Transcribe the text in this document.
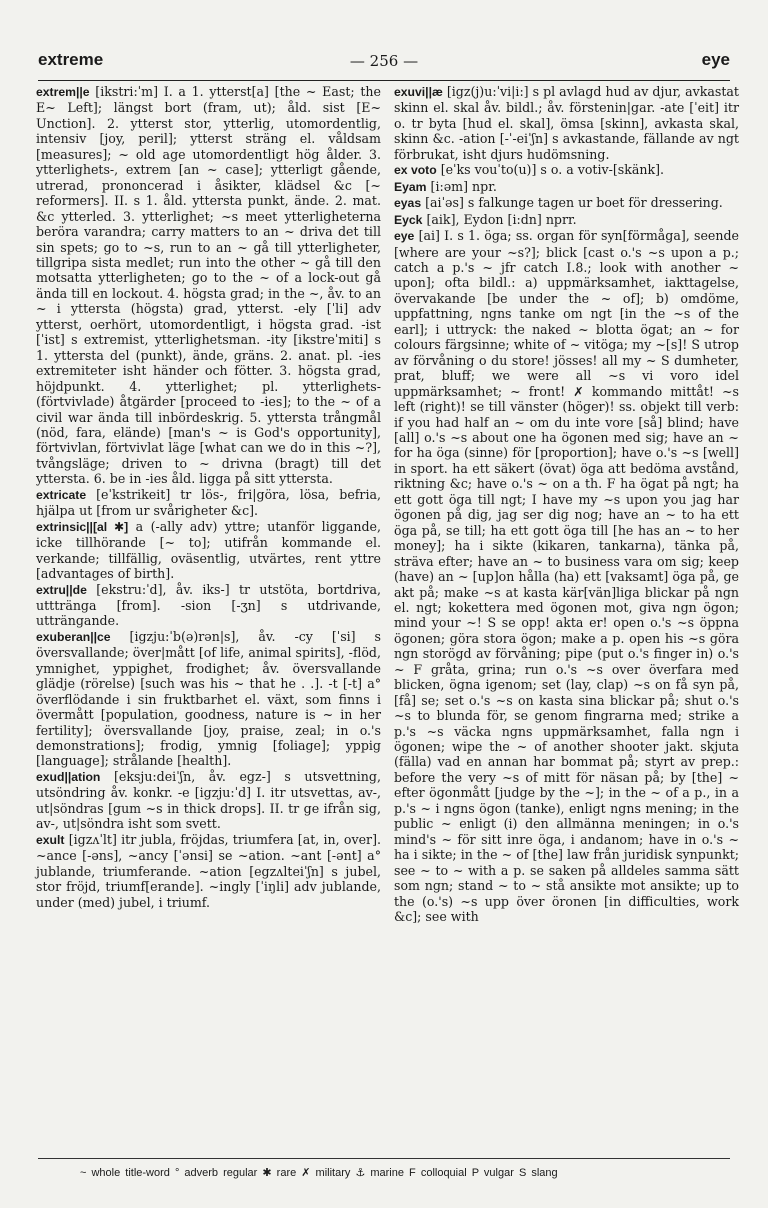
extreme	— 256 —	eye
extrem||e [ikstri:ˈm] I. a 1. ytterst[a] [the ~ East; the E~ Left]; längst bort (fram, ut); åld. sist [E~ Unction]. 2. ytterst stor, ytterlig, utomordentlig, intensiv [joy, peril]; ytterst sträng el. våldsam [measures]; ~ old age utomordentligt hög ålder. 3. ytterlighets-, extrem [an ~ case]; ytterligt gående, utrerad, prononcerad i åsikter, klädsel &c [~ reformers]. II. s 1. åld. yttersta punkt, ände. 2. mat. &c ytterled. 3. ytterlighet; ~s meet ytterligheterna beröra varandra; carry matters to an ~ driva det till sin spets; go to ~s, run to an ~ gå till ytterligheter, tillgripa sista medlet; run into the other ~ gå till den motsatta ytterligheten; go to the ~ of a lock-out gå ända till en lockout. 4. högsta grad; in the ~, åv. to an ~ i yttersta (högsta) grad, ytterst. -ely [ˈli] adv ytterst, oerhört, utomordentligt, i högsta grad. -ist [ˈist] s extremist, ytterlighetsman. -ity [ikstreˈmiti] s 1. yttersta del (punkt), ände, gräns. 2. anat. pl. -ies extremiteter isht händer och fötter. 3. högsta grad, höjdpunkt. 4. ytterlighet; pl. ytterlighets- (förtvivlade) åtgärder [proceed to -ies]; to the ~ of a civil war ända till inbördeskrig. 5. yttersta trångmål (nöd, fara, elände) [man's ~ is God's opportunity], förtvivlan, förtvivlat läge [what can we do in this ~?], tvångsläge; driven to ~ drivna (bragt) till det yttersta. 6. be in -ies åld. ligga på sitt yttersta.
extricate [eˈkstrikeit] tr lös-, fri|göra, lösa, befria, hjälpa ut [from ur svårigheter &c].
extrinsic||[al ✱] a (-ally adv) yttre; utanför liggande, icke tillhörande [~ to]; utifrån kommande el. verkande; tillfällig, oväsentlig, utvärtes, rent yttre [advantages of birth].
extru||de [ekstru:ˈd], åv. iks-] tr utstöta, bortdriva, utttränga [from]. -sion [-ʒn] s utdrivande, utträngande.
exuberan||ce [igzju:ˈb(ə)rən|s], åv. -cy [ˈsi] s översvallande; över|mått [of life, animal spirits], -flöd, ymnighet, yppighet, frodighet; åv. översvallande glädje (rörelse) [such was his ~ that he . .]. -t [-t] a° överflödande i sin fruktbarhet el. växt, som finns i övermått [population, goodness, nature is ~ in her fertility]; översvallande [joy, praise, zeal; in o.'s demonstrations]; frodig, ymnig [foliage]; yppig [language]; strålande [health].
exud||ation [eksju:deiˈʃn, åv. egz-] s utsvettning, utsöndring åv. konkr. -e [igzju:ˈd] I. itr utsvettas, av-, ut|söndras [gum ~s in thick drops]. II. tr ge ifrån sig, av-, ut|söndra isht som svett.
exult [igzʌˈlt] itr jubla, fröjdas, triumfera [at, in, over]. ~ance [-əns], ~ancy [ˈənsi] se ~ation. ~ant [-ənt] a° jublande, triumferande. ~ation [egzʌlteiˈʃn] s jubel, stor fröjd, triumf[erande]. ~ingly [ˈiŋli] adv jublande, under (med) jubel, i triumf.
exuvi||æ [igz(j)u:ˈvi|i:] s pl avlagd hud av djur, avkastat skinn el. skal åv. bildl.; åv. förstenin|gar. -ate [ˈeit] itr o. tr byta [hud el. skal], ömsa [skinn], avkasta skal, skinn &c. -ation [-ˈ-eiˈʃn] s avkastande, fällande av ngt förbrukat, isht djurs hudömsning.
ex voto [eˈks vouˈto(u)] s o. a votiv-[skänk].
Eyam [i:əm] npr.
eyas [aiˈəs] s falkunge tagen ur boet för dressering.
Eyck [aik], Eydon [i:dn] nprr.
eye [ai] I. s 1. öga; ss. organ för syn[förmåga], seende [where are your ~s?]; blick [cast o.'s ~s upon a p.; catch a p.'s ~ jfr catch I.8.; look with another ~ upon]; ofta bildl.: a) uppmärksamhet, iakttagelse, övervakande [be under the ~ of]; b) omdöme, uppfattning, ngns tanke om ngt [in the ~s of the earl]; i uttryck: the naked ~ blotta ögat; an ~ for colours färgsinne; white of ~ vitöga; my ~[s]! S utrop av förvåning o du store! jösses! all my ~ S dumheter, prat, bluff; we were all ~s vi voro idel uppmärksamhet; ~ front! ✗ kommando mittåt! ~s left (right)! se till vänster (höger)! ss. objekt till verb: if you had half an ~ om du inte vore [så] blind; have [all] o.'s ~s about one ha ögonen med sig; have an ~ for ha öga (sinne) för [proportion]; have o.'s ~s [well] in sport. ha ett säkert (övat) öga att bedöma avstånd, riktning &c; have o.'s ~ on a th. F ha ögat på ngt; ha ett gott öga till ngt; I have my ~s upon you jag har ögonen på dig, jag ser dig nog; have an ~ to ha ett öga på, se till; ha ett gott öga till [he has an ~ to her money]; ha i sikte (kikaren, tankarna), tänka på, sträva efter; have an ~ to business vara om sig; keep (have) an ~ [up]on hålla (ha) ett [vaksamt] öga på, ge akt på; make ~s at kasta kär[vän]liga blickar på ngn el. ngt; kokettera med ögonen mot, giva ngn ögon; mind your ~! S se opp! akta er! open o.'s ~s öppna ögonen; göra stora ögon; make a p. open his ~s göra ngn storögd av förvåning; pipe (put o.'s finger in) o.'s ~ F gråta, grina; run o.'s ~s over överfara med blicken, ögna igenom; set (lay, clap) ~s on få syn på, [få] se; set o.'s ~s on kasta sina blickar på; shut o.'s ~s to blunda för, se genom fingrarna med; strike a p.'s ~s väcka ngns uppmärksamhet, falla ngn i ögonen; wipe the ~ of another shooter jakt. skjuta (fälla) vad en annan har bommat på; styrt av prep.: before the very ~s of mitt för näsan på; by [the] ~ efter ögonmått [judge by the ~]; in the ~ of a p., in a p.'s ~ i ngns ögon (tanke), enligt ngns mening; in the public ~ enligt (i) den allmänna meningen; in o.'s mind's ~ för sitt inre öga, i andanom; have in o.'s ~ ha i sikte; in the ~ of [the] law från juridisk synpunkt; see ~ to ~ with a p. se saken på alldeles samma sätt som ngn; stand ~ to ~ stå ansikte mot ansikte; up to the (o.'s) ~s upp över öronen [in difficulties, work &c]; see with
~ whole title-word ° adverb regular ✱ rare ✗ military ⚓ marine F colloquial P vulgar S slang
